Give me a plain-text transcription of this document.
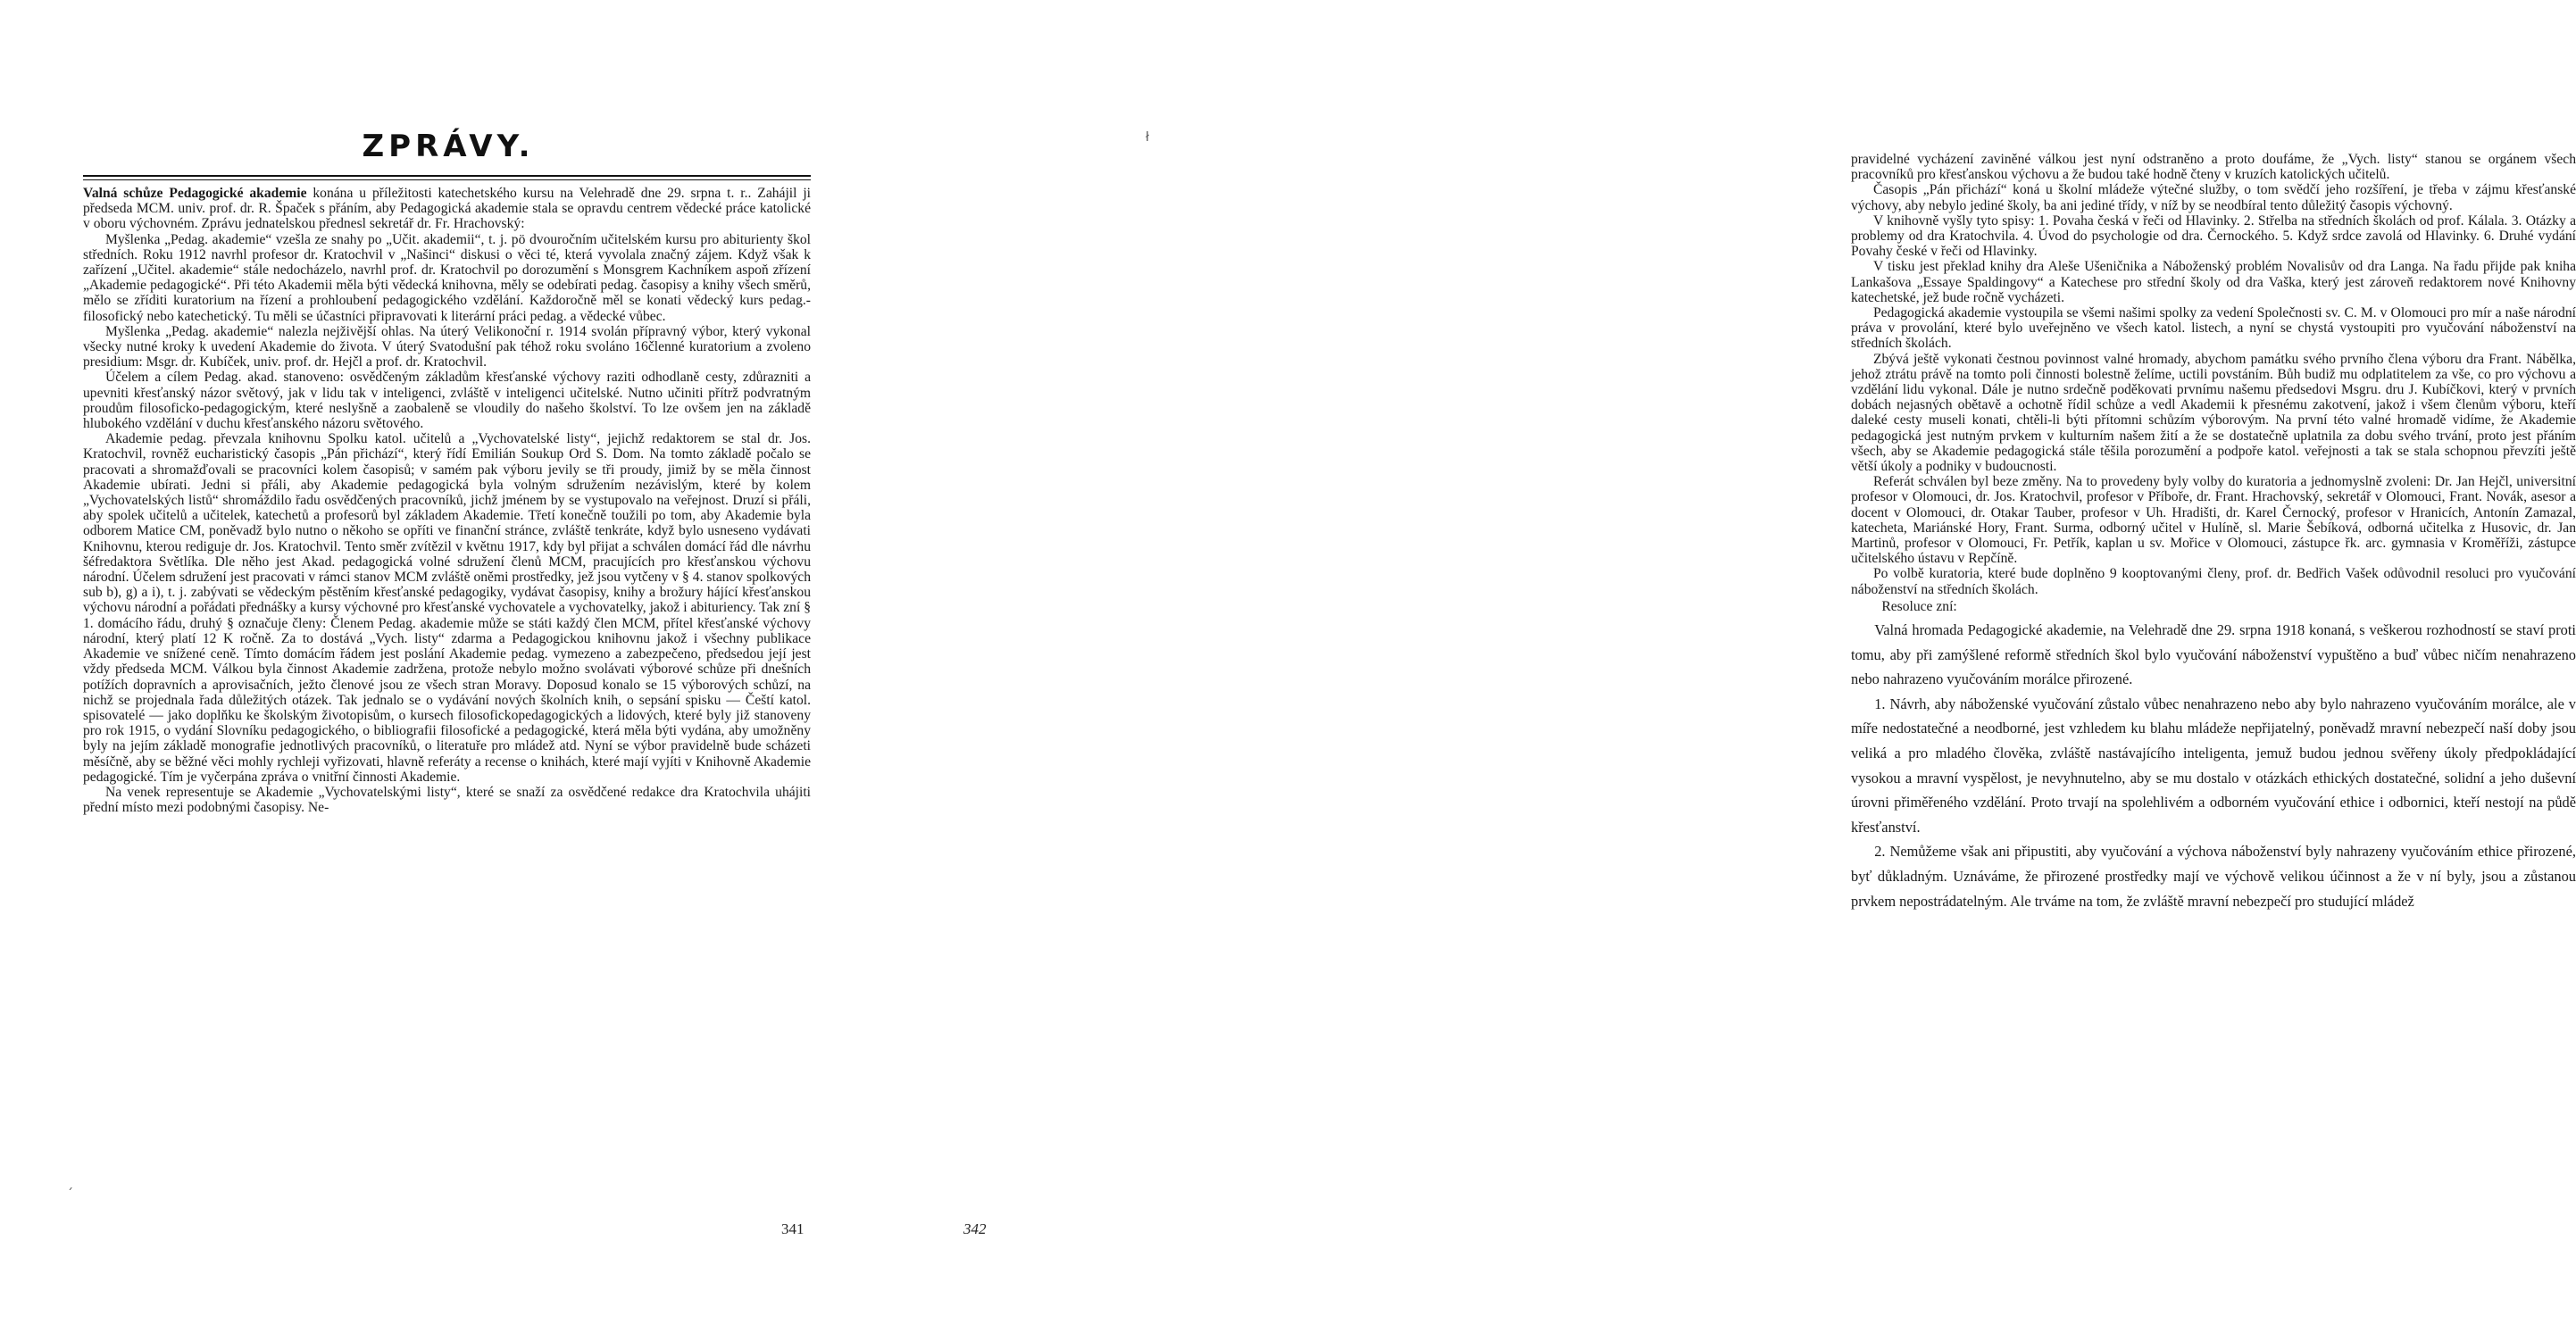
ZPRÁVY.

Valná schůze Pedagogické akademie konána u příležitosti katechetského kursu na Velehradě dne 29. srpna t. r.. Zahájil ji předseda MCM. univ. prof. dr. R. Špaček s přáním, aby Pedagogická akademie stala se opravdu centrem vědecké práce katolické v oboru výchovném. Zprávu jednatelskou přednesl sekretář dr. Fr. Hrachovský:

Myšlenka „Pedag. akademie“ vzešla ze snahy po „Učit. akademii“, t. j. pö dvouročním učitelském kursu pro abiturienty škol středních. Roku 1912 navrhl profesor dr. Kratochvil v „Našinci“ diskusi o věci té, která vyvolala značný zájem. Když však k zařízení „Učitel. akademie“ stále nedocházelo, navrhl prof. dr. Kratochvil po dorozumění s Monsgrem Kachníkem aspoň zřízení „Akademie pedagogické“. Při této Akademii měla býti vědecká knihovna, měly se odebírati pedag. časopisy a knihy všech směrů, mělo se zříditi kuratorium na řízení a prohloubení pedagogického vzdělání. Každoročně měl se konati vědecký kurs pedag.-filosofický nebo katechetický. Tu měli se účastníci připravovati k literární práci pedag. a vědecké vůbec.

Myšlenka „Pedag. akademie“ nalezla nejživější ohlas. Na úterý Velikonoční r. 1914 svolán přípravný výbor, který vykonal všecky nutné kroky k uvedení Akademie do života. V úterý Svatodušní pak téhož roku svoláno 16členné kuratorium a zvoleno presidium: Msgr. dr. Kubíček, univ. prof. dr. Hejčl a prof. dr. Kratochvil.

Účelem a cílem Pedag. akad. stanoveno: osvědčeným základům křesťanské výchovy raziti odhodlaně cesty, zdůrazniti a upevniti křesťanský názor světový, jak v lidu tak v inteligenci, zvláště v inteligenci učitelské. Nutno učiniti přítrž podvratným proudům filosoficko-pedagogickým, které neslyšně a zaobaleně se vloudily do našeho školství. To lze ovšem jen na základě hlubokého vzdělání v duchu křesťanského názoru světového.

Akademie pedag. převzala knihovnu Spolku katol. učitelů a „Vychovatelské listy“, jejichž redaktorem se stal dr. Jos. Kratochvil, rovněž eucharistický časopis „Pán přichází“, který řídí Emilián Soukup Ord S. Dom. Na tomto základě počalo se pracovati a shromažďovali se pracovníci kolem časopisů; v samém pak výboru jevily se tři proudy, jimiž by se měla činnost Akademie ubírati. Jedni si přáli, aby Akademie pedagogická byla volným sdružením nezávislým, které by kolem „Vychovatelských listů“ shromáždilo řadu osvědčených pracovníků, jichž jménem by se vystupovalo na veřejnost. Druzí si přáli, aby spolek učitelů a učitelek, katechetů a profesorů byl základem Akademie. Třetí konečně toužili po tom, aby Akademie byla odborem Matice CM, poněvadž bylo nutno o někoho se opříti ve finanční stránce, zvláště tenkráte, když bylo usneseno vydávati Knihovnu, kterou rediguje dr. Jos. Kratochvil. Tento směr zvítězil v květnu 1917, kdy byl přijat a schválen domácí řád dle návrhu šéfredaktora Světlíka. Dle něho jest Akad. pedagogická volné sdružení členů MCM, pracujících pro křesťanskou výchovu národní. Účelem sdružení jest pracovati v rámci stanov MCM zvláště oněmi prostředky, jež jsou vytčeny v § 4. stanov spolkových sub b), g) a i), t. j. zabývati se vědeckým pěstěním křesťanské pedagogiky, vydávat časopisy, knihy a brožury hájící křesťanskou výchovu národní a pořádati přednášky a kursy výchovné pro křesťanské vychovatele a vychovatelky, jakož i abituriency. Tak zní § 1. domácího řádu, druhý § označuje členy: Členem Pedag. akademie může se státi každý člen MCM, přítel křesťanské výchovy národní, který platí 12 K ročně. Za to dostává „Vych. listy“ zdarma a Pedagogickou knihovnu jakož i všechny publikace Akademie ve snížené ceně. Tímto domácím řádem jest poslání Akademie pedag. vymezeno a zabezpečeno, předsedou její jest vždy předseda MCM. Válkou byla činnost Akademie zadržena, protože nebylo možno svolávati výborové schůze při dnešních potížích dopravních a aprovisačních, ježto členové jsou ze všech stran Moravy. Doposud konalo se 15 výborových schůzí, na nichž se projednala řada důležitých otázek. Tak jednalo se o vydávání nových školních knih, o sepsání spisku — Čeští katol. spisovatelé — jako doplňku ke školským životopisům, o kursech filosofickopedagogických a lidových, které byly již stanoveny pro rok 1915, o vydání Slovníku pedagogického, o bibliografii filosofické a pedagogické, která měla býti vydána, aby umožněny byly na jejím základě monografie jednotlivých pracovníků, o literatuře pro mládež atd. Nyní se výbor pravidelně bude scházeti měsíčně, aby se běžné věci mohly rychleji vyřizovati, hlavně referáty a recense o knihách, které mají vyjíti v Knihovně Akademie pedagogické. Tím je vyčerpána zpráva o vnitřní činnosti Akademie.

Na venek representuje se Akademie „Vychovatelskými listy“, které se snaží za osvědčené redakce dra Kratochvila uhájiti přední místo mezi podobnými časopisy. Ne-

341
ˊ
ł

pravidelné vycházení zaviněné válkou jest nyní odstraněno a proto doufáme, že „Vych. listy“ stanou se orgánem všech pracovníků pro křesťanskou výchovu a že budou také hodně čteny v kruzích katolických učitelů.

Časopis „Pán přichází“ koná u školní mládeže výtečné služby, o tom svědčí jeho rozšíření, je třeba v zájmu křesťanské výchovy, aby nebylo jediné školy, ba ani jediné třídy, v níž by se neodbíral tento důležitý časopis výchovný.

V knihovně vyšly tyto spisy: 1. Povaha česká v řeči od Hlavinky. 2. Střelba na středních školách od prof. Kálala. 3. Otázky a problemy od dra Kratochvila. 4. Úvod do psychologie od dra. Černockého. 5. Když srdce zavolá od Hlavinky. 6. Druhé vydání Povahy české v řeči od Hlavinky.

V tisku jest překlad knihy dra Aleše Ušeničnika a Náboženský problém Novalisův od dra Langa. Na řadu přijde pak kniha Lankašova „Essaye Spaldingovy“ a Katechese pro střední školy od dra Vaška, který jest zároveň redaktorem nové Knihovny katechetské, jež bude ročně vycházeti.

Pedagogická akademie vystoupila se všemi našimi spolky za vedení Společnosti sv. C. M. v Olomouci pro mír a naše národní práva v provolání, které bylo uveřejněno ve všech katol. listech, a nyní se chystá vystoupiti pro vyučování náboženství na středních školách.

Zbývá ještě vykonati čestnou povinnost valné hromady, abychom památku svého prvního člena výboru dra Frant. Nábělka, jehož ztrátu právě na tomto poli činnosti bolestně želíme, uctili povstáním. Bůh budiž mu odplatitelem za vše, co pro výchovu a vzdělání lidu vykonal. Dále je nutno srdečně poděkovati prvnímu našemu předsedovi Msgru. dru J. Kubíčkovi, který v prvních dobách nejasných obětavě a ochotně řídil schůze a vedl Akademii k přesnému zakotvení, jakož i všem členům výboru, kteří daleké cesty museli konati, chtěli-li býti přítomni schůzím výborovým. Na první této valné hromadě vidíme, že Akademie pedagogická jest nutným prvkem v kulturním našem žití a že se dostatečně uplatnila za dobu svého trvání, proto jest přáním všech, aby se Akademie pedagogická stále těšila porozumění a podpoře katol. veřejnosti a tak se stala schopnou převzíti ještě větší úkoly a podniky v budoucnosti.

Referát schválen byl beze změny. Na to provedeny byly volby do kuratoria a jednomyslně zvoleni: Dr. Jan Hejčl, universitní profesor v Olomouci, dr. Jos. Kratochvil, profesor v Příboře, dr. Frant. Hrachovský, sekretář v Olomouci, Frant. Novák, asesor a docent v Olomouci, dr. Otakar Tauber, profesor v Uh. Hradišti, dr. Karel Černocký, profesor v Hranicích, Antonín Zamazal, katecheta, Mariánské Hory, Frant. Surma, odborný učitel v Hulíně, sl. Marie Šebíková, odborná učitelka z Husovic, dr. Jan Martinů, profesor v Olomouci, Fr. Petřík, kaplan u sv. Mořice v Olomouci, zástupce řk. arc. gymnasia v Kroměříži, zástupce učitelského ústavu v Repčíně.

Po volbě kuratoria, které bude doplněno 9 kooptovanými členy, prof. dr. Bedřich Vašek odůvodnil resoluci pro vyučování náboženství na středních školách.

Resoluce zní:

Valná hromada Pedagogické akademie, na Velehradě dne 29. srpna 1918 konaná, s veškerou rozhodností se staví proti tomu, aby při zamýšlené reformě středních škol bylo vyučování náboženství vypuštěno a buď vůbec ničím nenahrazeno nebo nahrazeno vyučováním morálce přirozené.

1. Návrh, aby náboženské vyučování zůstalo vůbec nenahrazeno nebo aby bylo nahrazeno vyučováním morálce, ale v míře nedostatečné a neodborné, jest vzhledem ku blahu mládeže nepřijatelný, poněvadž mravní nebezpečí naší doby jsou veliká a pro mladého člověka, zvláště nastávajícího inteligenta, jemuž budou jednou svěřeny úkoly předpokládající vysokou a mravní vyspělost, je nevyhnutelno, aby se mu dostalo v otázkách ethických dostatečné, solidní a jeho duševní úrovni přiměřeného vzdělání. Proto trvají na spolehlivém a odborném vyučování ethice i odbornici, kteří nestojí na půdě křesťanství.

2. Nemůžeme však ani připustiti, aby vyučování a výchova náboženství byly nahrazeny vyučováním ethice přirozené, byť důkladným. Uznáváme, že přirozené prostředky mají ve výchově velikou účinnost a že v ní byly, jsou a zůstanou prvkem nepostrádatelným. Ale trváme na tom, že zvláště mravní nebezpečí pro studující mládež

342
